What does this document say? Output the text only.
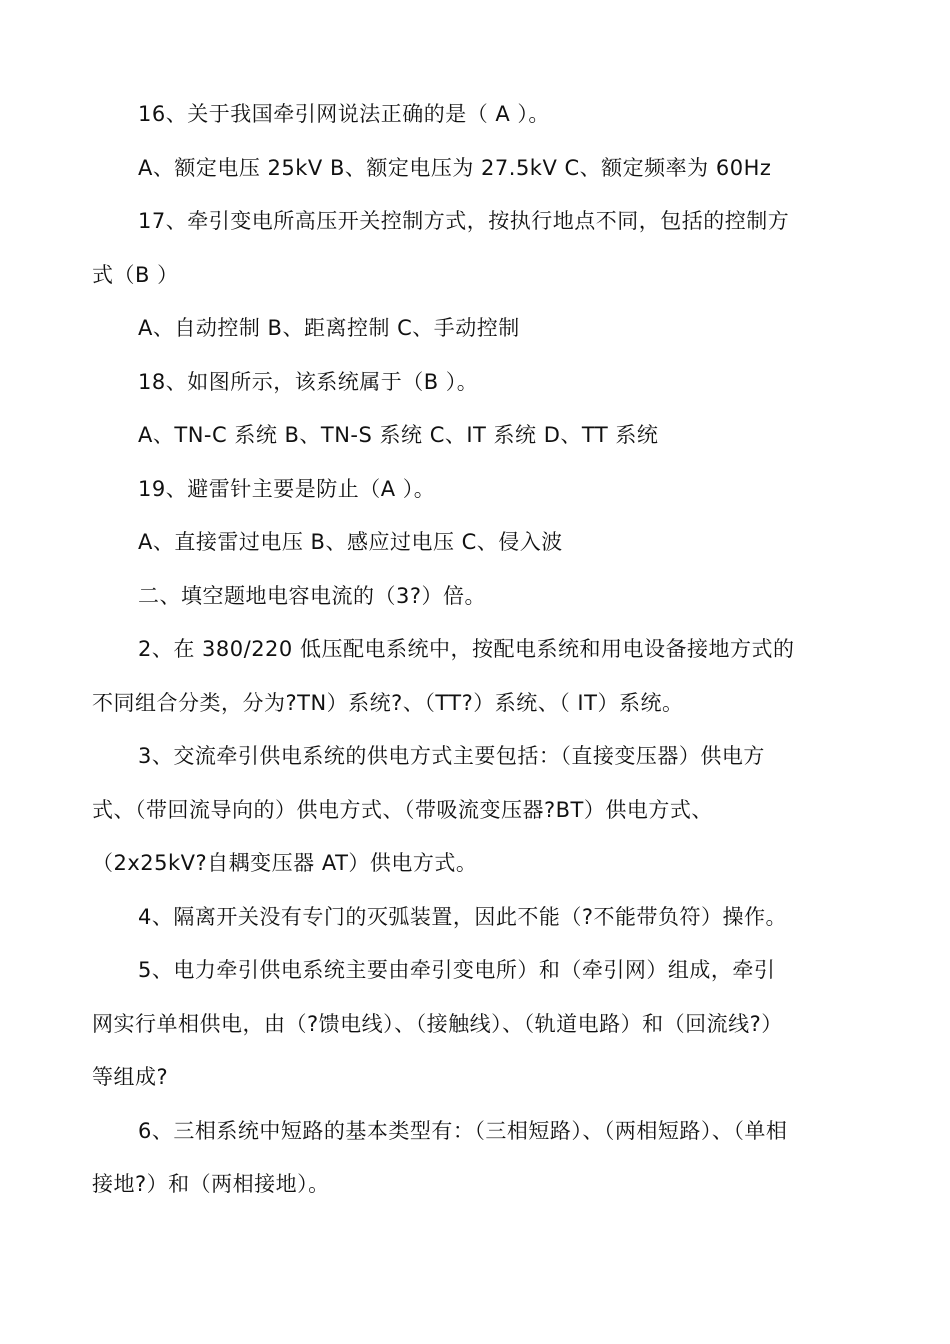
16、关于我国牵引网说法正确的是（ A ）。
A、额定电压 25kV B、额定电压为 27.5kV C、额定频率为 60Hz
17、牵引变电所高压开关控制方式，按执行地点不同，包括的控制方
式（B ）
A、自动控制 B、距离控制 C、手动控制
18、如图所示，该系统属于（B ）。
A、TN-C 系统 B、TN-S 系统 C、IT 系统 D、TT 系统
19、避雷针主要是防止（A ）。
A、直接雷过电压 B、感应过电压 C、侵入波
二、填空题地电容电流的（3?）倍。
2、在 380/220 低压配电系统中，按配电系统和用电设备接地方式的
不同组合分类，分为?TN）系统?、（TT?）系统、（ IT）系统。
3、交流牵引供电系统的供电方式主要包括：（直接变压器）供电方
式、（带回流导向的）供电方式、（带吸流变压器?BT）供电方式、
（2x25kV?自耦变压器 AT）供电方式。
4、隔离开关没有专门的灭弧装置，因此不能（?不能带负符）操作。
5、电力牵引供电系统主要由牵引变电所）和（牵引网）组成，牵引
网实行单相供电，由（?馈电线）、（接触线）、（轨道电路）和（回流线?）
等组成?
6、三相系统中短路的基本类型有：（三相短路）、（两相短路）、（单相
接地?）和（两相接地）。
